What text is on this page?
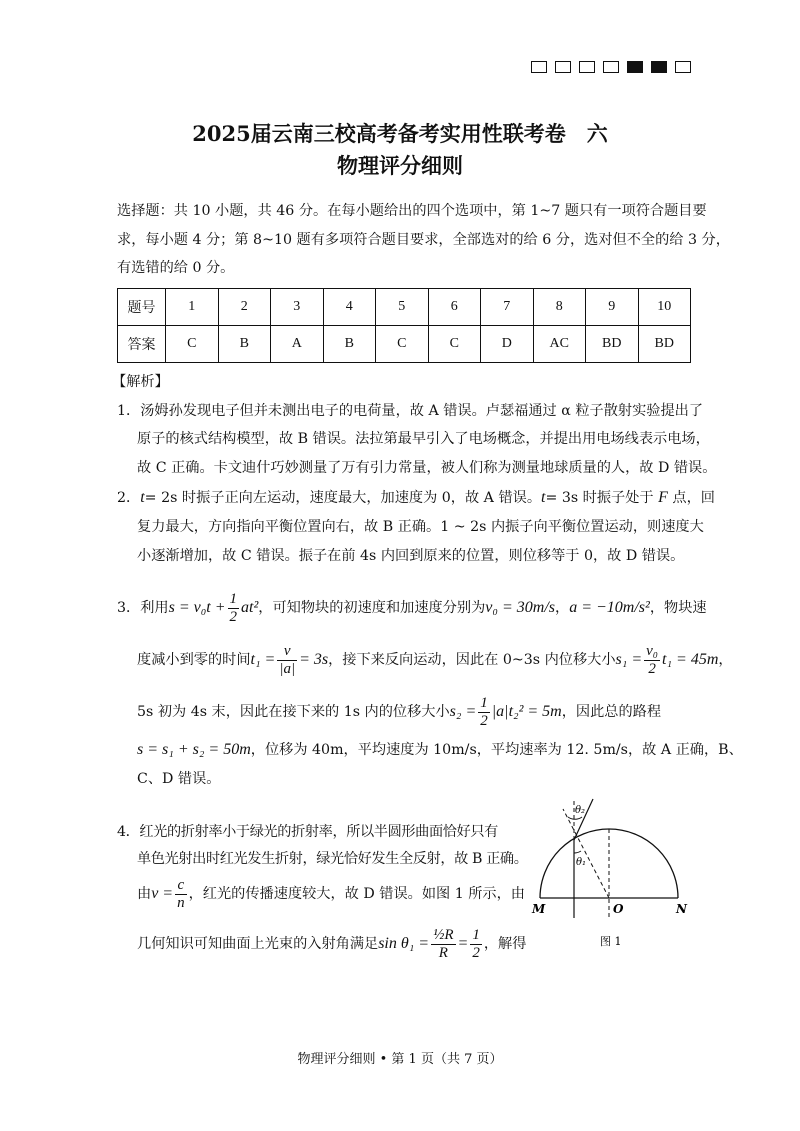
2025届云南三校高考备考实用性联考卷　六
物理评分细则
选择题：共 10 小题，共 46 分。在每小题给出的四个选项中，第 1~7 题只有一项符合题目要
求，每小题 4 分；第 8~10 题有多项符合题目要求，全部选对的给 6 分，选对但不全的给 3 分，
有选错的给 0 分。
题号	1	2	3	4	5	6	7	8	9	10
答案	C	B	A	B	C	C	D	AC	BD	BD
【解析】
1．汤姆孙发现电子但并未测出电子的电荷量，故 A 错误。卢瑟福通过 α 粒子散射实验提出了
原子的核式结构模型，故 B 错误。法拉第最早引入了电场概念，并提出用电场线表示电场，
故 C 正确。卡文迪什巧妙测量了万有引力常量，被人们称为测量地球质量的人，故 D 错误。
2．t= 2s 时振子正向左运动，速度最大，加速度为 0，故 A 错误。t= 3s 时振子处于 F 点，回
复力最大，方向指向平衡位置向右，故 B 正确。1 ~ 2s 内振子向平衡位置运动，则速度大
小逐渐增加，故 C 错误。振子在前 4s 内回到原来的位置，则位移等于 0，故 D 错误。
3．利用 $s = v_0t + \frac{1}{2} at^2$ ，可知物块的初速度和加速度分别为 v₀ = 30m/s ， a = −10m/s² ，物块速
度减小到零的时间 $t_1 = \frac{v}{|a|} = 3s$ ，接下来反向运动，因此在 0~3s 内位移大小 $s_1 = \frac{\text{v₀}}{2} t_1 = 45m$ ，
5s 初为 4s 末，因此在接下来的 1s 内的位移大小 $s_2 = \frac{1}{2} |a|t_2^2 = 5m$ ，因此总的路程
s = s₁ + s₂ = 50m，位移为 40m，平均速度为 10m/s，平均速率为 12. 5m/s，故 A 正确，B、
C、D 错误。
4．红光的折射率小于绿光的折射率，所以半圆形曲面恰好只有
单色光射出时红光发生折射，绿光恰好发生全反射，故 B 正确。
由 $v = \frac{c}{n}$ ，红光的传播速度较大，故 D 错误。如图 1 所示，由
几何知识可知曲面上光束的入射角满足 $\sin \theta_1 = \frac{\text{½R}}{R} = \frac{1}{2}$ ，解得
M	O	N
θ₁
θ₂
图 1
物理评分细则 • 第 1 页（共 7 页）
